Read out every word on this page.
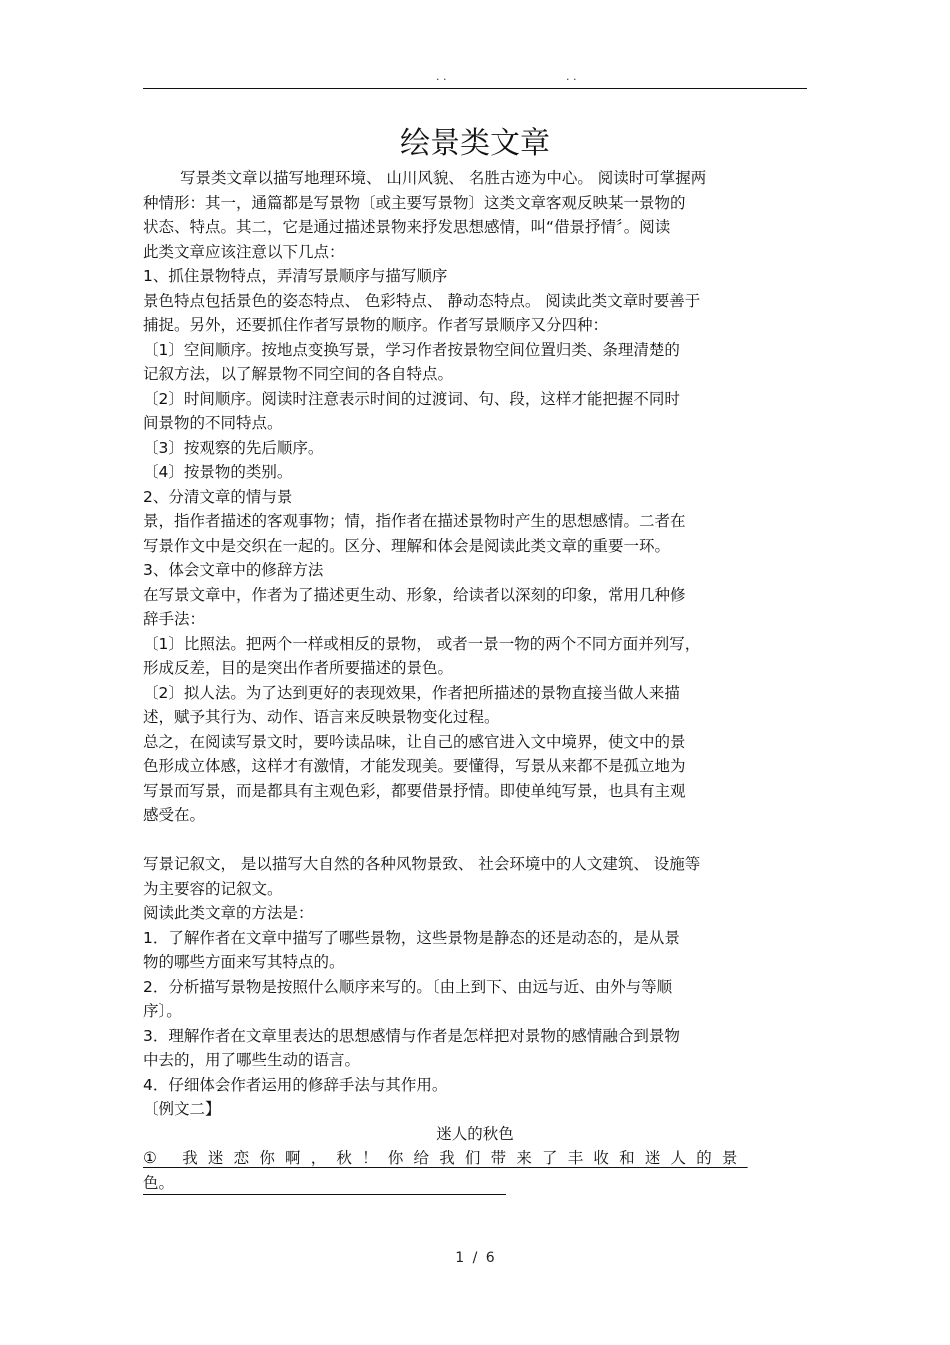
. .	. .
绘景类文章
写景类文章以描写地理环境、 山川风貌、 名胜古迹为中心。 阅读时可掌握两
种情形：其一，通篇都是写景物〔或主要写景物〕这类文章客观反映某一景物的
状态、特点。其二，它是通过描述景物来抒发思想感情，叫“借景抒情〞。阅读
此类文章应该注意以下几点：
1、抓住景物特点，弄清写景顺序与描写顺序
景色特点包括景色的姿态特点、 色彩特点、 静动态特点。 阅读此类文章时要善于
捕捉。另外，还要抓住作者写景物的顺序。作者写景顺序又分四种：
〔1〕空间顺序。按地点变换写景，学习作者按景物空间位置归类、条理清楚的
记叙方法，以了解景物不同空间的各自特点。
〔2〕时间顺序。阅读时注意表示时间的过渡词、句、段，这样才能把握不同时
间景物的不同特点。
〔3〕按观察的先后顺序。
〔4〕按景物的类别。
2、分清文章的情与景
景，指作者描述的客观事物；情，指作者在描述景物时产生的思想感情。二者在
写景作文中是交织在一起的。区分、理解和体会是阅读此类文章的重要一环。
3、体会文章中的修辞方法
在写景文章中，作者为了描述更生动、形象，给读者以深刻的印象，常用几种修
辞手法：
〔1〕比照法。把两个一样或相反的景物， 或者一景一物的两个不同方面并列写，
形成反差，目的是突出作者所要描述的景色。
〔2〕拟人法。为了达到更好的表现效果，作者把所描述的景物直接当做人来描
述，赋予其行为、动作、语言来反映景物变化过程。
总之，在阅读写景文时，要吟读品味，让自己的感官进入文中境界，使文中的景
色形成立体感，这样才有激情，才能发现美。要懂得，写景从来都不是孤立地为
写景而写景，而是都具有主观色彩，都要借景抒情。即使单纯写景，也具有主观
感受在。
写景记叙文， 是以描写大自然的各种风物景致、 社会环境中的人文建筑、 设施等
为主要容的记叙文。
阅读此类文章的方法是：
1．了解作者在文章中描写了哪些景物，这些景物是静态的还是动态的，是从景
物的哪些方面来写其特点的。
2．分析描写景物是按照什么顺序来写的。〔由上到下、由远与近、由外与等顺
序〕。
3．理解作者在文章里表达的思想感情与作者是怎样把对景物的感情融合到景物
中去的，用了哪些生动的语言。
4．仔细体会作者运用的修辞手法与其作用。
〔例文二】
迷人的秋色
① 我迷恋你啊，秋！你给我们带来了丰收和迷人的景
色。
1 / 6
